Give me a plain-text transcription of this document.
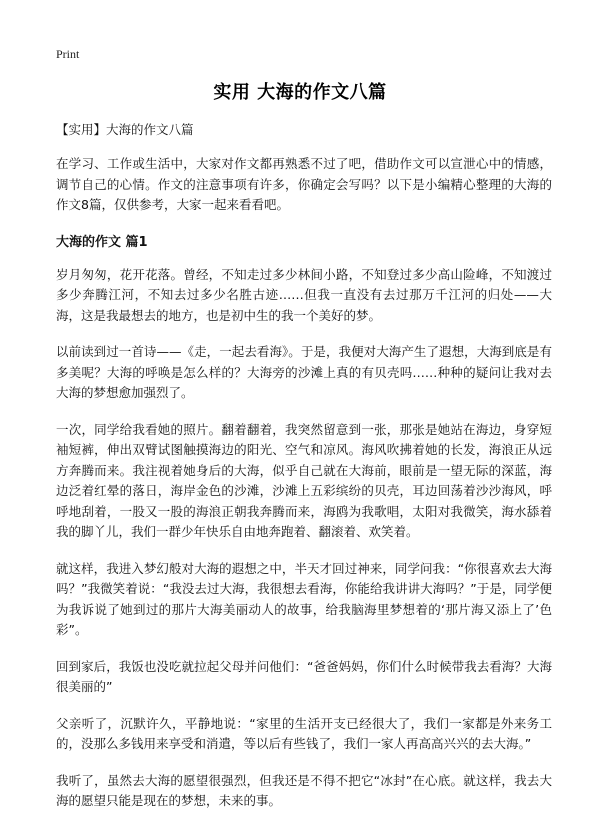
Print
实用 大海的作文八篇

【实用】大海的作文八篇

在学习、工作或生活中，大家对作文都再熟悉不过了吧，借助作文可以宣泄心中的情感，调节自己的心情。作文的注意事项有许多，你确定会写吗？以下是小编精心整理的大海的作文8篇，仅供参考，大家一起来看看吧。

大海的作文 篇1

岁月匆匆，花开花落。曾经，不知走过多少林间小路，不知登过多少高山险峰，不知渡过多少奔腾江河，不知去过多少名胜古迹……但我一直没有去过那万千江河的归处——大海，这是我最想去的地方，也是初中生的我一个美好的梦。

以前读到过一首诗——《走，一起去看海》。于是，我便对大海产生了遐想，大海到底是有多美呢？大海的呼唤是怎么样的？大海旁的沙滩上真的有贝壳吗……种种的疑问让我对去大海的梦想愈加强烈了。

一次，同学给我看她的照片。翻着翻着，我突然留意到一张，那张是她站在海边，身穿短袖短裤，伸出双臂试图触摸海边的阳光、空气和凉风。海风吹拂着她的长发，海浪正从远方奔腾而来。我注视着她身后的大海，似乎自己就在大海前，眼前是一望无际的深蓝，海边泛着红晕的落日，海岸金色的沙滩，沙滩上五彩缤纷的贝壳，耳边回荡着沙沙海风，呼呼地刮着，一股又一股的海浪正朝我奔腾而来，海鸥为我歌唱，太阳对我微笑，海水舔着我的脚丫儿，我们一群少年快乐自由地奔跑着、翻滚着、欢笑着。

就这样，我进入梦幻般对大海的遐想之中，半天才回过神来，同学问我：“你很喜欢去大海吗？”我微笑着说：“我没去过大海，我很想去看海，你能给我讲讲大海吗？”于是，同学便为我诉说了她到过的那片大海美丽动人的故事，给我脑海里梦想着的‘那片海又添上了’色彩”。

回到家后，我饭也没吃就拉起父母并问他们：“爸爸妈妈，你们什么时候带我去看海？大海很美丽的”

父亲听了，沉默许久，平静地说：“家里的生活开支已经很大了，我们一家都是外来务工的，没那么多钱用来享受和消遣，等以后有些钱了，我们一家人再高高兴兴的去大海。”

我听了，虽然去大海的愿望很强烈，但我还是不得不把它“冰封”在心底。就这样，我去大海的愿望只能是现在的梦想，未来的事。
